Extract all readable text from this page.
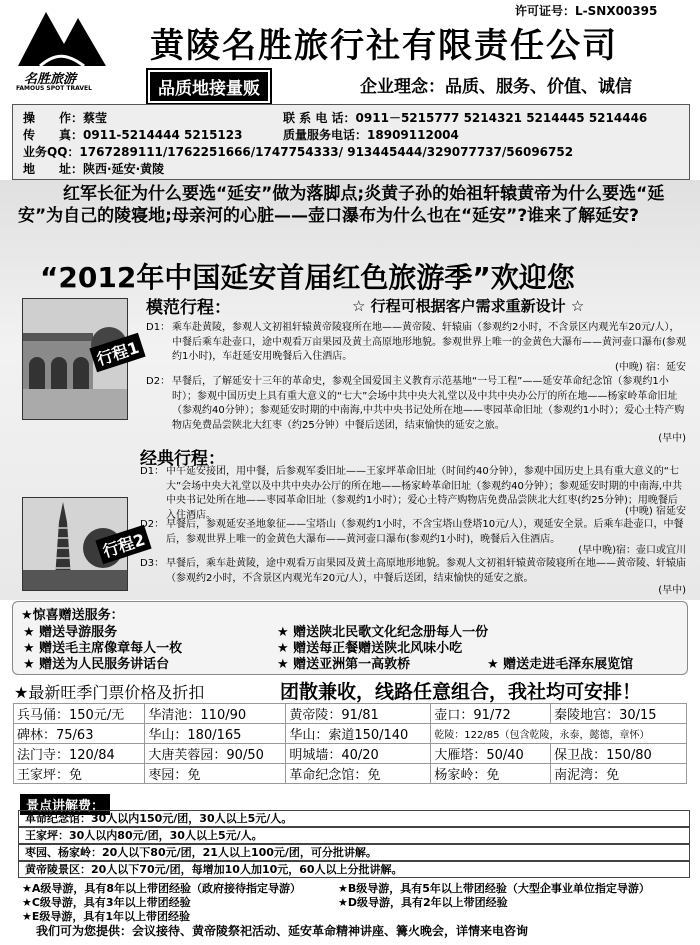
名胜旅游
FAMOUS SPOT TRAVEL
许可证号：L-SNX00395
黄陵名胜旅行社有限责任公司
品质地接量贩	企业理念：品质、服务、价值、诚信
操　　作：蔡莹	联 系 电 话：0911－5215777 5214321 5214445 5214446
传　　真：0911-5214444 5215123	质量服务电话：18909112004
业务QQ：1767289111/1762251666/1747754333/ 913445444/329077737/56096752
地　　址：陕西·延安·黄陵

红军长征为什么要选“延安”做为落脚点;炎黄子孙的始祖轩辕黄帝为什么要选“延安”为自己的陵寝地;母亲河的心脏——壶口瀑布为什么也在“延安”?谁来了解延安?

“2012年中国延安首届红色旅游季”欢迎您
行程1
模范行程：	☆ 行程可根据客户需求重新设计 ☆
D1： 乘车赴黄陵，参观人文初祖轩辕黄帝陵寝所在地——黄帝陵、轩辕庙（参观约2小时，不含景区内观光车20元/人），中餐后乘车赴壶口，途中观看万亩果园及黄土高原地形地貌。参观世界上唯一的金黄色大瀑布——黄河壶口瀑布(参观约1小时)，车赶延安用晚餐后入住酒店。
(中晚) 宿：延安
D2： 早餐后，了解延安十三年的革命史，参观全国爱国主义教育示范基地“一号工程”——延安革命纪念馆（参观约1小时）；参观中国历史上具有重大意义的“七大”会场中共中央大礼堂以及中共中央办公厅的所在地——杨家岭革命旧址（参观约40分钟）；参观延安时期的中南海,中共中央书记处所在地——枣园革命旧址（参观约1小时）；爱心土特产购物店免费品尝陕北大红枣（约25分钟）中餐后送团，结束愉快的延安之旅。
(早中)
经典行程：
行程2
D1： 中午延安接团，用中餐，后参观军委旧址——王家坪革命旧址（时间约40分钟），参观中国历史上具有重大意义的“七大”会场中央大礼堂以及中共中央办公厅的所在地——杨家岭革命旧址（参观约40分钟）；参观延安时期的中南海,中共中央书记处所在地——枣园革命旧址（参观约1小时）；爱心土特产购物店免费品尝陕北大红枣(约25分钟)；用晚餐后入住酒店。	(中晚) 宿延安
D2： 早餐后，参观延安圣地象征——宝塔山（参观约1小时，不含宝塔山登塔10元/人），观延安全景。后乘车赴壶口，中餐后，参观世界上唯一的金黄色大瀑布——黄河壶口瀑布(参观约1小时)，晚餐后入住酒店。
(早中晚)宿：壶口或宜川
D3： 早餐后，乘车赴黄陵，途中观看万亩果园及黄土高原地形地貌。参观人文初祖轩辕黄帝陵寝所在地——黄帝陵、轩辕庙（参观约2小时，不含景区内观光车20元/人），中餐后送团，结束愉快的延安之旅。
(早中)
★惊喜赠送服务：
★ 赠送导游服务	★ 赠送陕北民歌文化纪念册每人一份
★ 赠送毛主席像章每人一枚	★ 赠送每正餐赠送陕北风味小吃
★ 赠送为人民服务讲话台	★ 赠送亚洲第一高敦桥	★ 赠送走进毛泽东展览馆
★最新旺季门票价格及折扣	团散兼收，线路任意组合，我社均可安排！
兵马俑：150元/无	华清池：110/90	黄帝陵：91/81	壶口：91/72	秦陵地宫：30/15
碑林：75/63	华山：180/165	华山：索道150/140	乾陵：122/85（包含乾陵，永泰，懿德，章怀）	
法门寺：120/84	大唐芙蓉园：90/50	明城墙：40/20	大雁塔：50/40	保卫战：150/80
王家坪：免	枣园：免	革命纪念馆：免	杨家岭：免	南泥湾：免
景点讲解费：
革命纪念馆：30人以内150元/团，30人以上5元/人。
王家坪：30人以内80元/团，30人以上5元/人。
枣园、杨家岭：20人以下80元/团，21人以上100元/团，可分批讲解。
黄帝陵景区：20人以下70元/团，每增加10人加10元，60人以上分批讲解。
★A级导游，具有8年以上带团经验（政府接待指定导游）	★B级导游，具有5年以上带团经验（大型企事业单位指定导游）
★C级导游，具有3年以上带团经验	★D级导游，具有2年以上带团经验
★E级导游，具有1年以上带团经验
我们可为您提供：会议接待、黄帝陵祭祀活动、延安革命精神讲座、篝火晚会，详情来电咨询
